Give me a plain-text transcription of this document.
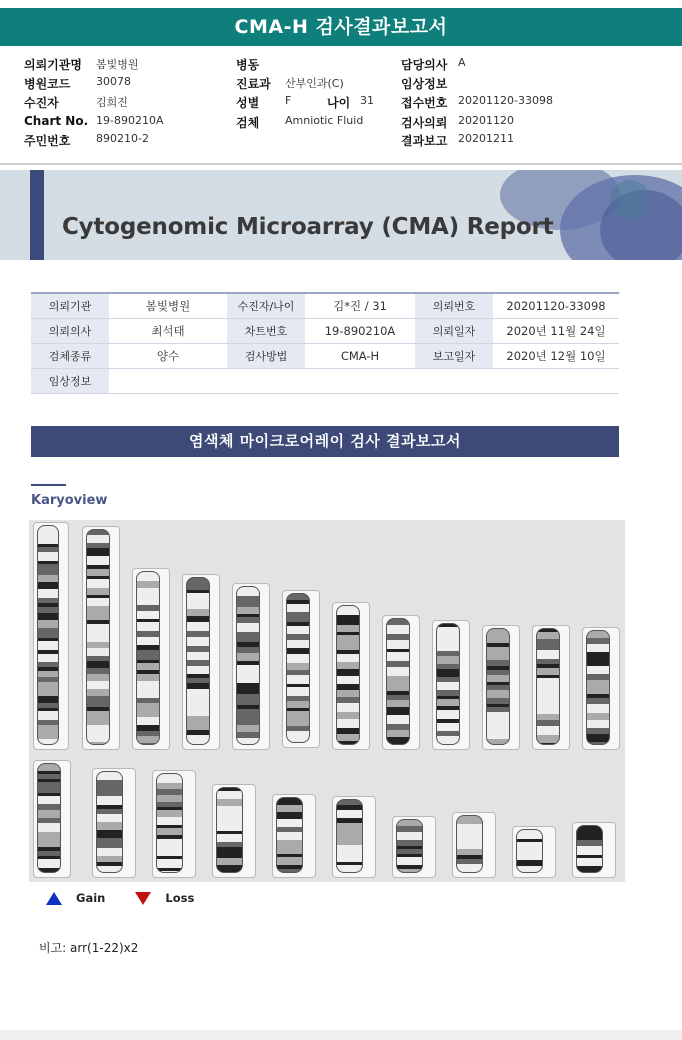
CMA-H 검사결과보고서
의뢰기관명 봄빛병원	병동	담당의사 A
병원코드 30078	진료과 산부인과(C)	임상정보
수진자	김희진	성별 F	나이 31 접수번호 20201120-33098
Chart No. 19-890210A	검체 Amniotic Fluid	검사의뢰 20201120
주민번호 890210-2	결과보고 20201211
Cytogenomic Microarray (CMA) Report
의뢰기관	봄빛병원	수진자/나이	김*진 / 31	의뢰번호	20201120-33098
의뢰의사	최석태	차트번호	19-890210A	의뢰일자	2020년 11월 24일
검체종류	양수	검사방법	CMA-H	보고일자	2020년 12월 10일
임상정보					
염색체 마이크로어레이 검사 결과보고서
Karyoview
Gain	Loss
비고: arr(1-22)x2
